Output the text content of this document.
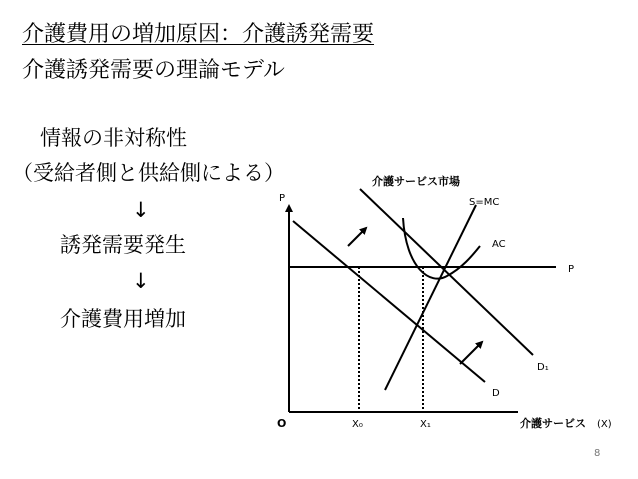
介護費用の増加原因：介護誘発需要
介護誘発需要の理論モデル
情報の非対称性
（受給者側と供給側による）
↓
誘発需要発生
↓
介護費用増加
介護サービス市場
P
O	介護サービス (X)
P
D
D₁
S=MC
AC
X₀	X₁
8
